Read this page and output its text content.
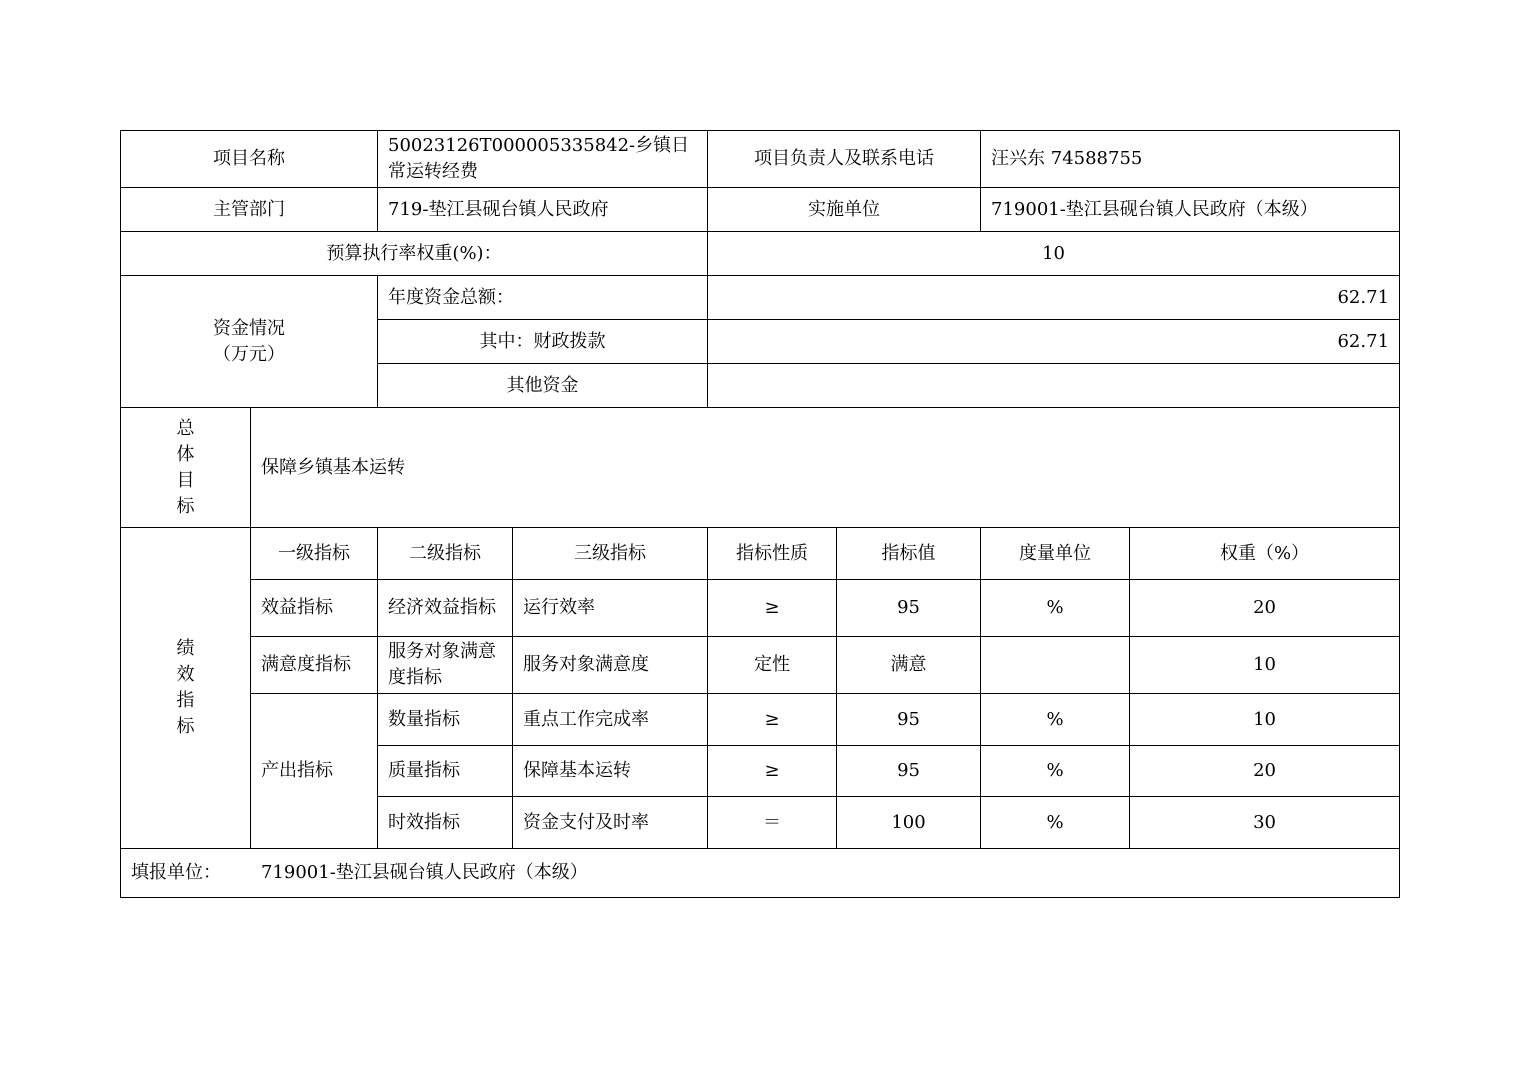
项目名称		50023126T000005335842-乡镇日常运转经费		项目负责人及联系电话		汪兴东 74588755	
主管部门		719-垫江县砚台镇人民政府		实施单位		719001-垫江县砚台镇人民政府（本级）	
预算执行率权重(%)：				10			

资金情况
（万元）		年度资金总额：		62.71			
		其中：财政拨款		62.71			
		其他资金					

总
体
目
标	保障乡镇基本运转						

绩
效
指
标	一级指标	二级指标	三级指标	指标性质	指标值	度量单位	权重（%）
	效益指标	经济效益指标	运行效率	≥	95	%	20
	满意度指标	服务对象满意度指标	服务对象满意度	定性	满意		10
	产出指标	数量指标	重点工作完成率	≥	95	%	10
		质量指标	保障基本运转	≥	95	%	20
		时效指标	资金支付及时率	＝	100	%	30
填报单位： 719001-垫江县砚台镇人民政府（本级）							
